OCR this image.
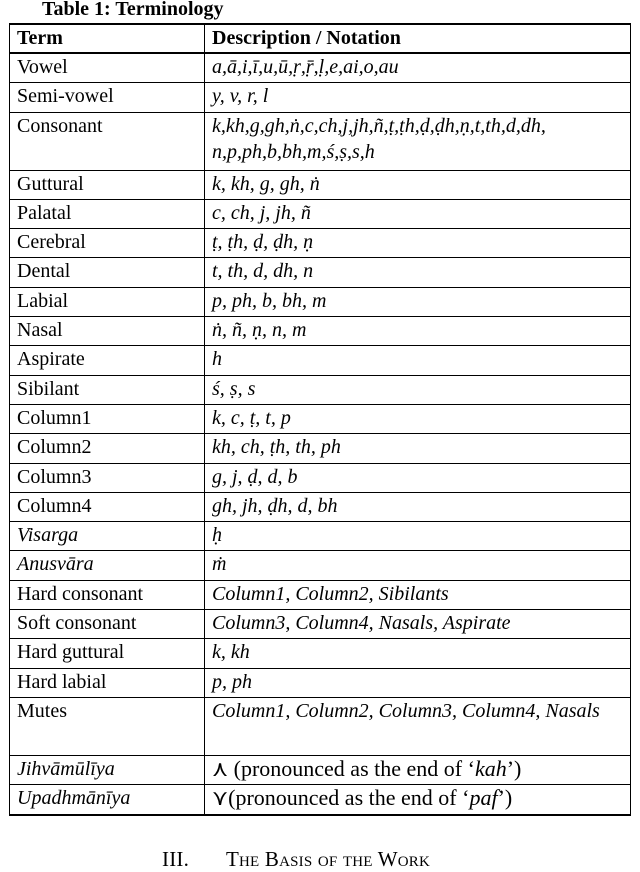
Table 1: Terminology
Term	Description / Notation
Vowel	a,ā,i,ī,u,ū,ṛ,ṝ,ḷ,e,ai,o,au
Semi-vowel	y, v, r, l
Consonant	k,kh,g,gh,ṅ,c,ch,j,jh,ñ,ṭ,ṭh,ḍ,ḍh,ṇ,t,th,d,dh, n,p,ph,b,bh,m,ś,ṣ,s,h
Guttural	k, kh, g, gh, ṅ
Palatal	c, ch, j, jh, ñ
Cerebral	ṭ, ṭh, ḍ, ḍh, ṇ
Dental	t, th, d, dh, n
Labial	p, ph, b, bh, m
Nasal	ṅ, ñ, ṇ, n, m
Aspirate	h
Sibilant	ś, ṣ, s
Column1	k, c, ṭ, t, p
Column2	kh, ch, ṭh, th, ph
Column3	g, j, ḍ, d, b
Column4	gh, jh, ḍh, d, bh
Visarga	ḥ
Anusvāra	ṁ
Hard consonant	Column1, Column2, Sibilants
Soft consonant	Column3, Column4, Nasals, Aspirate
Hard guttural	k, kh
Hard labial	p, ph
Mutes	Column1, Column2, Column3, Column4, Nasals
Jihvāmūlīya	⋏ (pronounced as the end of ‘kah’)
Upadhmānīya	⋎(pronounced as the end of ‘paf’)
III. The Basis of the Work
